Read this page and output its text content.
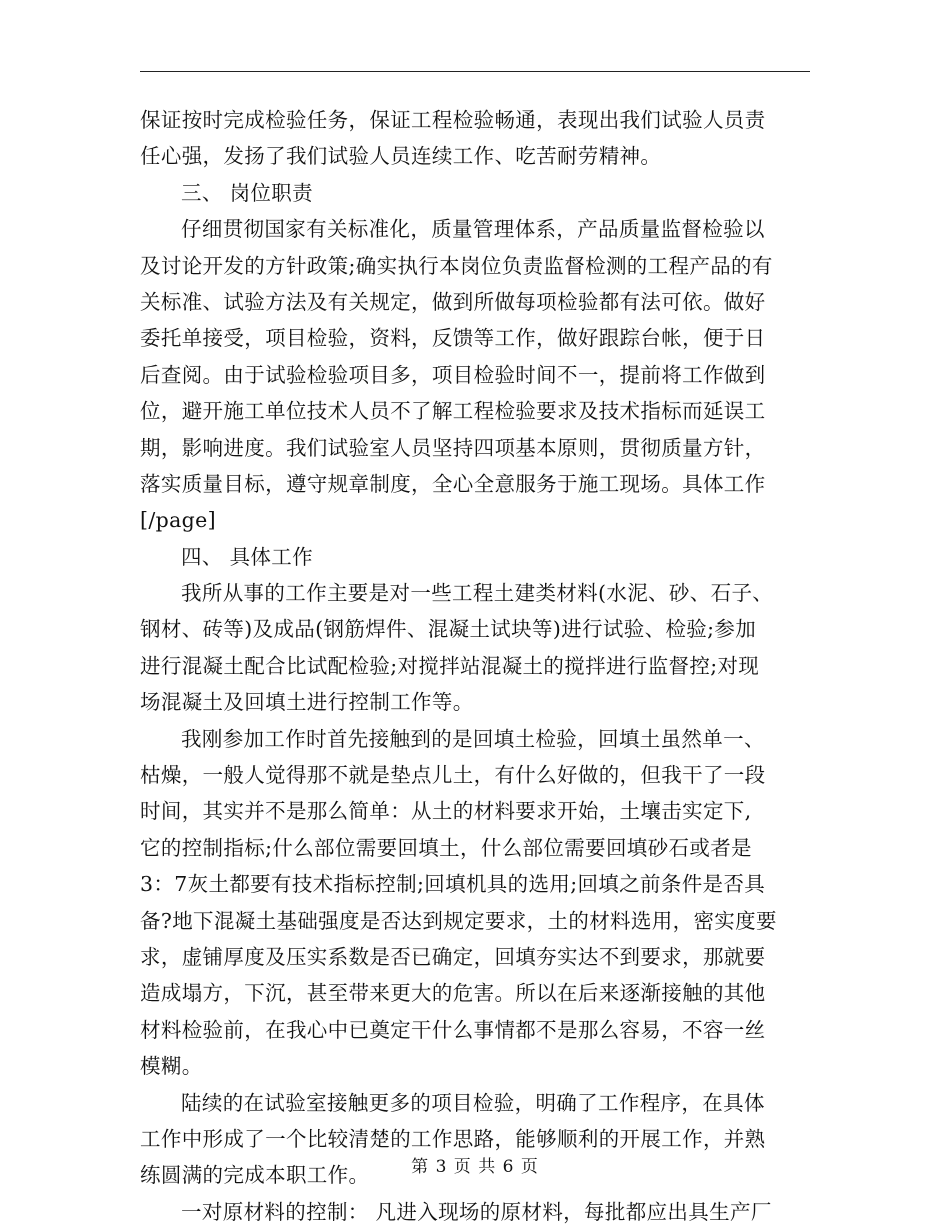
保证按时完成检验任务，保证工程检验畅通，表现出我们试验人员责
任心强，发扬了我们试验人员连续工作、吃苦耐劳精神。
三、 岗位职责
仔细贯彻国家有关标准化，质量管理体系，产品质量监督检验以
及讨论开发的方针政策;确实执行本岗位负责监督检测的工程产品的有
关标准、试验方法及有关规定，做到所做每项检验都有法可依。做好
委托单接受，项目检验，资料，反馈等工作，做好跟踪台帐，便于日
后查阅。由于试验检验项目多，项目检验时间不一，提前将工作做到
位，避开施工单位技术人员不了解工程检验要求及技术指标而延误工
期，影响进度。我们试验室人员坚持四项基本原则，贯彻质量方针，
落实质量目标，遵守规章制度，全心全意服务于施工现场。具体工作
[/page]
四、 具体工作
我所从事的工作主要是对一些工程土建类材料(水泥、砂、石子、
钢材、砖等)及成品(钢筋焊件、混凝土试块等)进行试验、检验;参加
进行混凝土配合比试配检验;对搅拌站混凝土的搅拌进行监督控;对现
场混凝土及回填土进行控制工作等。
我刚参加工作时首先接触到的是回填土检验，回填土虽然单一、
枯燥，一般人觉得那不就是垫点儿土，有什么好做的，但我干了一段
时间，其实并不是那么简单：从土的材料要求开始，土壤击实定下,
它的控制指标;什么部位需要回填土，什么部位需要回填砂石或者是
3：7灰土都要有技术指标控制;回填机具的选用;回填之前条件是否具
备?地下混凝土基础强度是否达到规定要求，土的材料选用，密实度要
求，虚铺厚度及压实系数是否已确定，回填夯实达不到要求，那就要
造成塌方，下沉，甚至带来更大的危害。所以在后来逐渐接触的其他
材料检验前，在我心中已奠定干什么事情都不是那么容易，不容一丝
模糊。
陆续的在试验室接触更多的项目检验，明确了工作程序，在具体
工作中形成了一个比较清楚的工作思路，能够顺利的开展工作，并熟
练圆满的完成本职工作。
一对原材料的控制： 凡进入现场的原材料，每批都应出具生产厂
第 3 页 共 6 页
